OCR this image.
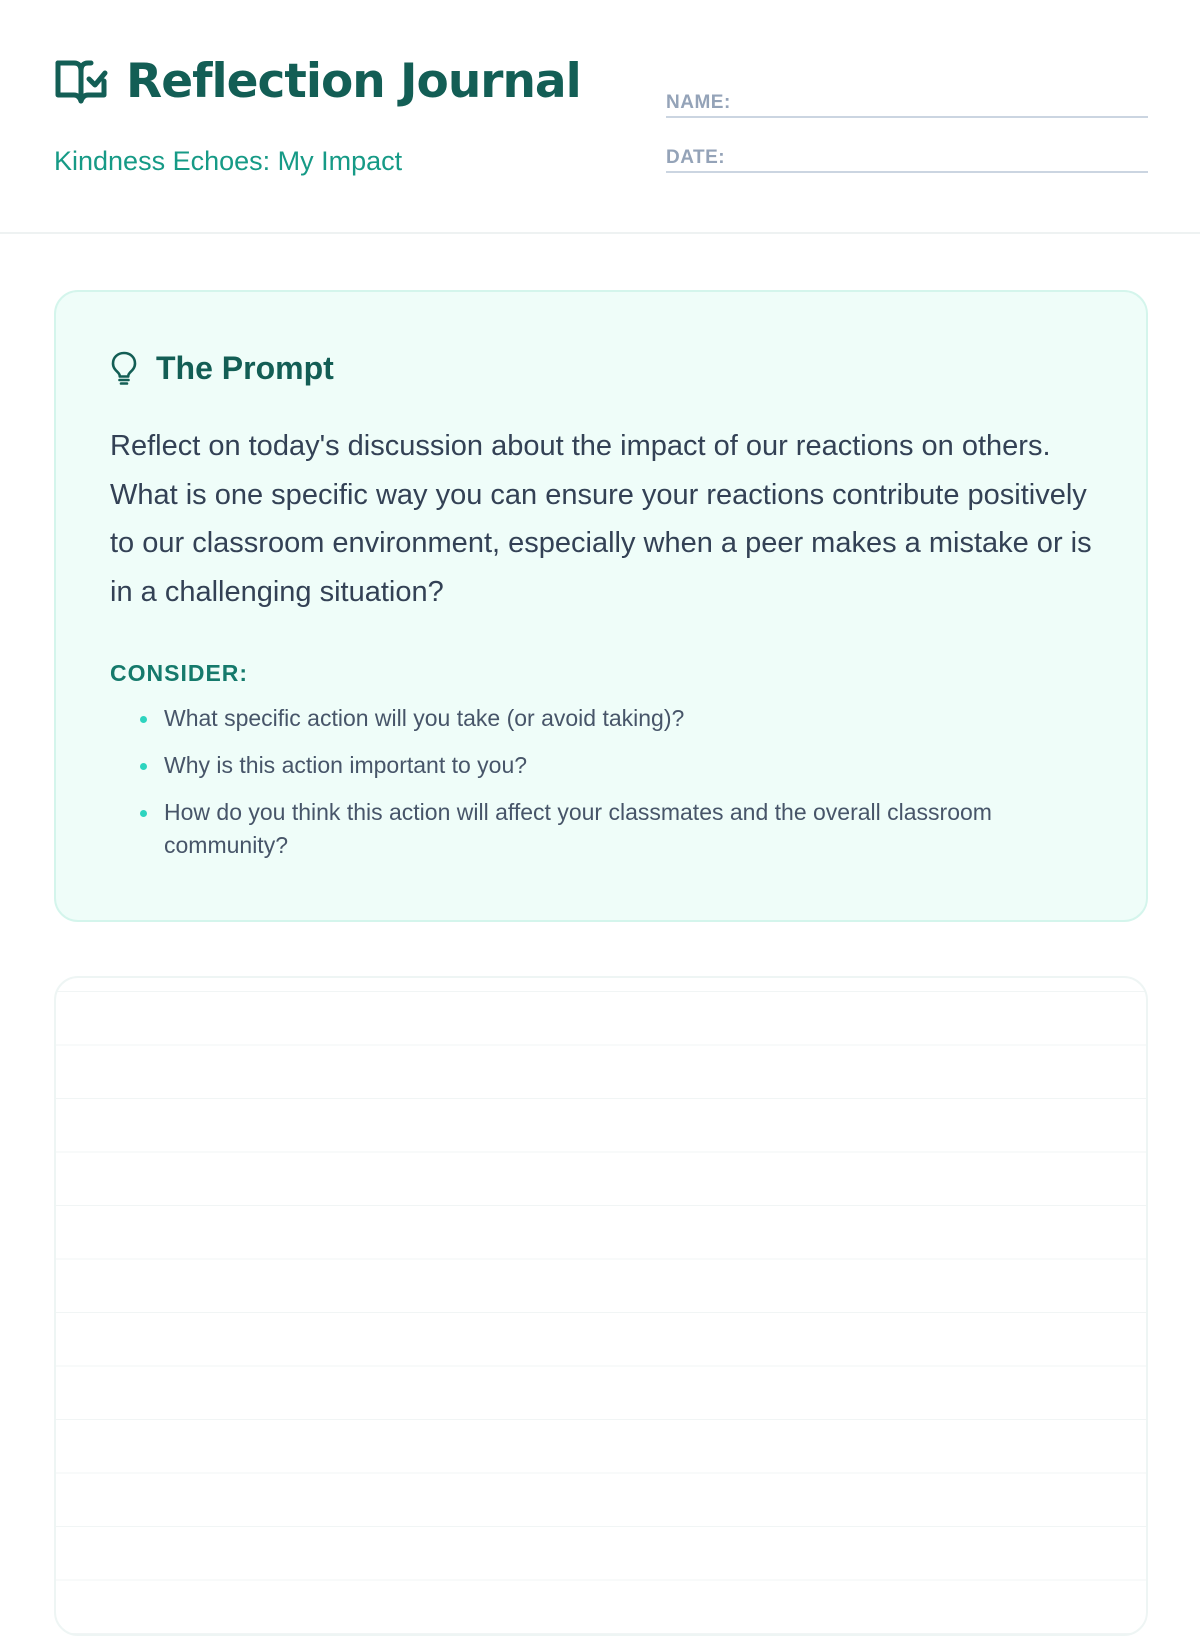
Reflection Journal
Kindness Echoes: My Impact
NAME:
DATE:
The Prompt

Reflect on today's discussion about the impact of our reactions on others. What is one specific way you can ensure your reactions contribute positively to our classroom environment, especially when a peer makes a mistake or is in a challenging situation?

CONSIDER:
What specific action will you take (or avoid taking)?
Why is this action important to you?
How do you think this action will affect your classmates and the overall classroom community?
